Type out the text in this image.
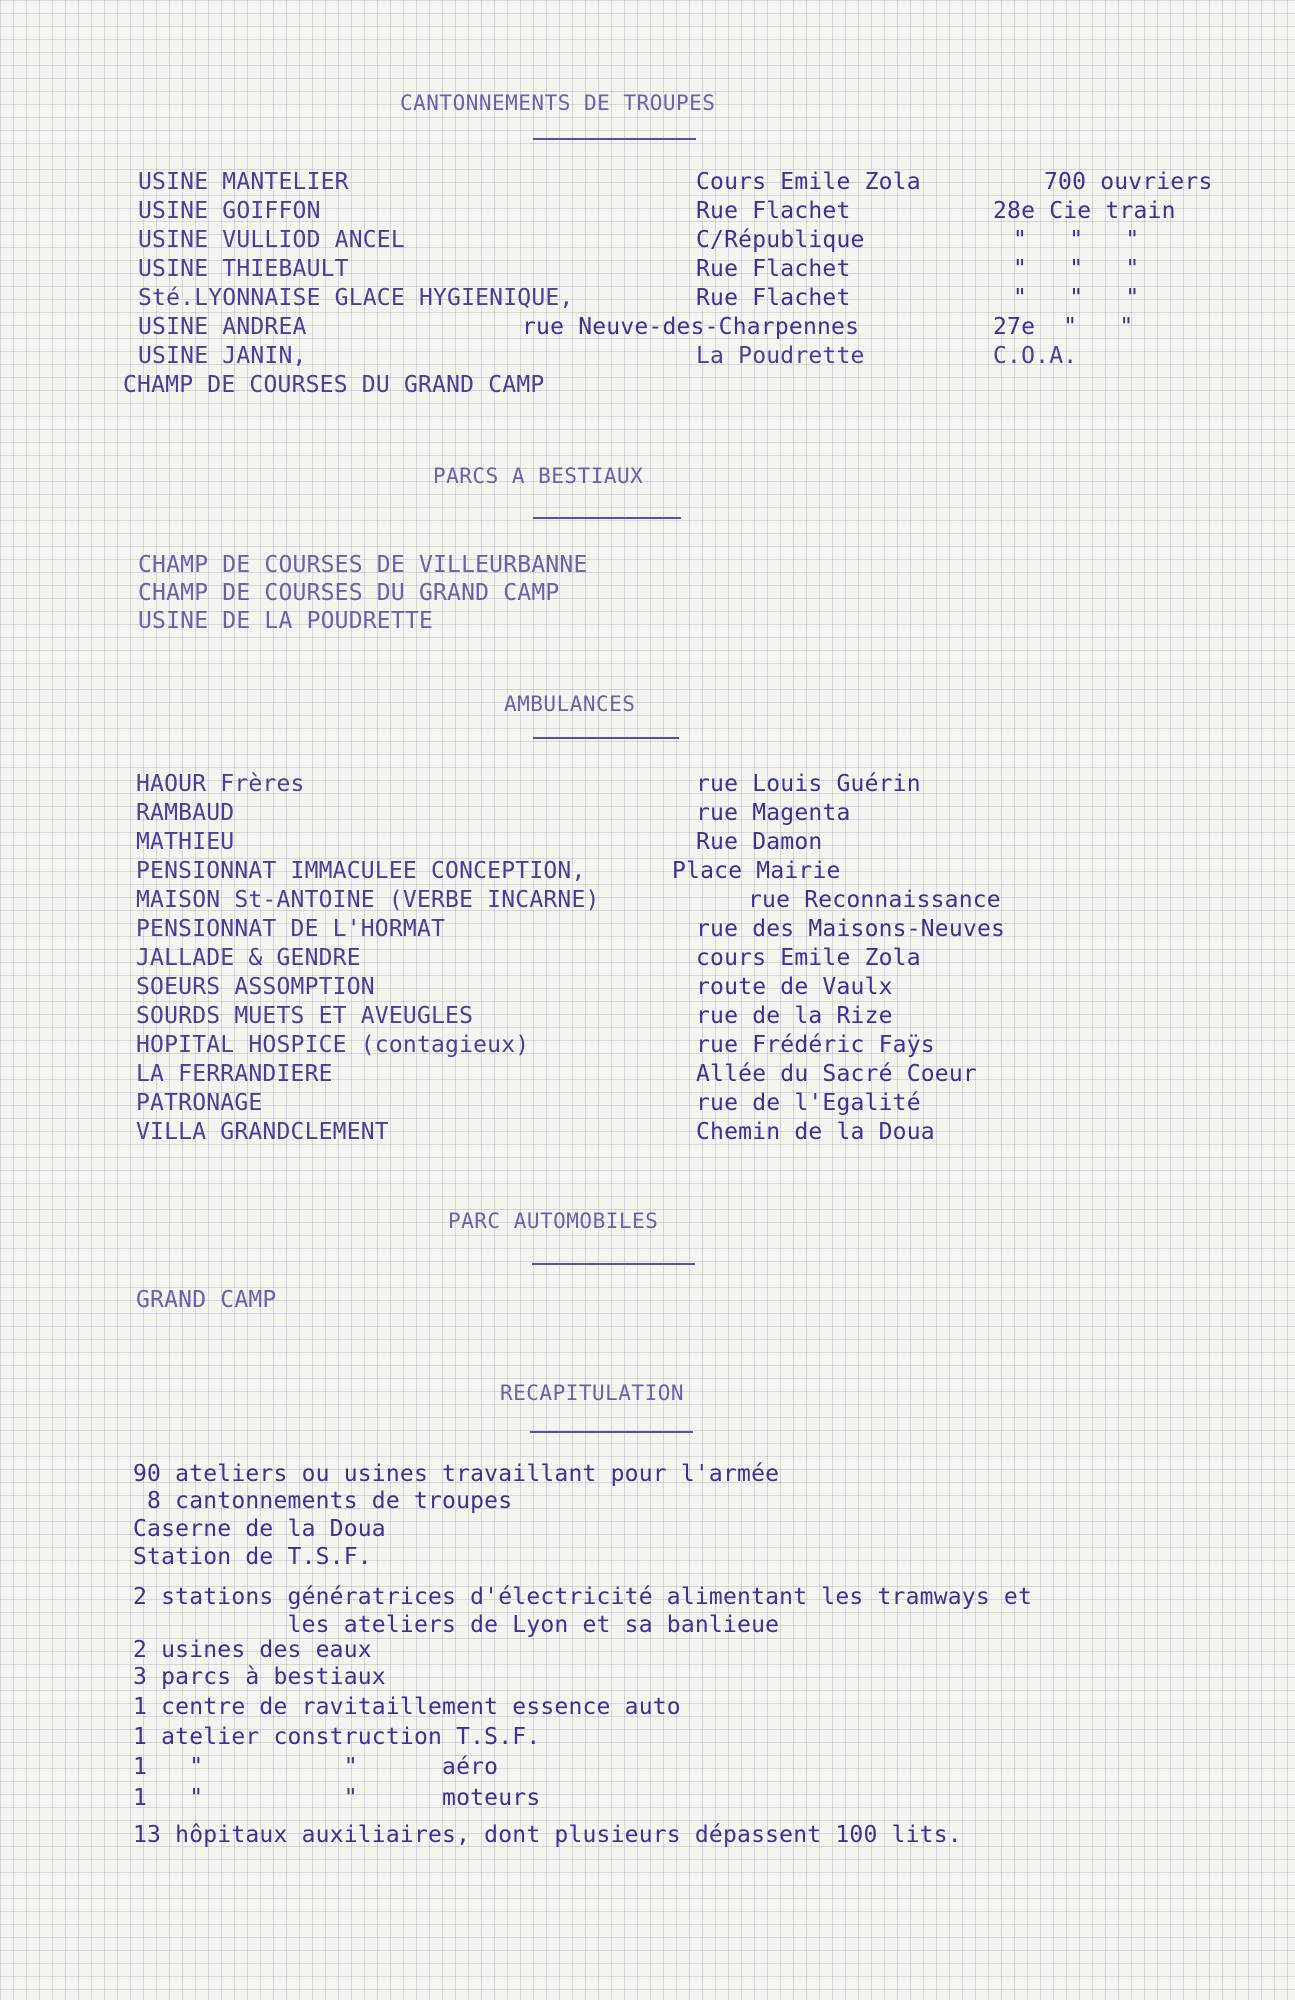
CANTONNEMENTS DE TROUPES
USINE MANTELIER	Cours Emile Zola	700 ouvriers
USINE GOIFFON	Rue Flachet	28e Cie train
USINE VULLIOD ANCEL	C/République	"   "   "
USINE THIEBAULT	Rue Flachet	"   "   "
Sté.LYONNAISE GLACE HYGIENIQUE,	Rue Flachet	"   "   "
USINE ANDREA	rue Neuve-des-Charpennes	27e  "   "
USINE JANIN,	La Poudrette	C.O.A.
CHAMP DE COURSES DU GRAND CAMP
PARCS A BESTIAUX
CHAMP DE COURSES DE VILLEURBANNE
CHAMP DE COURSES DU GRAND CAMP
USINE DE LA POUDRETTE
AMBULANCES
HAOUR Frères	rue Louis Guérin
RAMBAUD	rue Magenta
MATHIEU	Rue Damon
PENSIONNAT IMMACULEE CONCEPTION,	Place Mairie
MAISON St-ANTOINE (VERBE INCARNE)	rue Reconnaissance
PENSIONNAT DE L'HORMAT	rue des Maisons-Neuves
JALLADE & GENDRE	cours Emile Zola
SOEURS ASSOMPTION	route de Vaulx
SOURDS MUETS ET AVEUGLES	rue de la Rize
HOPITAL HOSPICE (contagieux)	rue Frédéric Faÿs
LA FERRANDIERE	Allée du Sacré Coeur
PATRONAGE	rue de l'Egalité
VILLA GRANDCLEMENT	Chemin de la Doua
PARC AUTOMOBILES
GRAND CAMP
RECAPITULATION
90 ateliers ou usines travaillant pour l'armée
8 cantonnements de troupes
Caserne de la Doua
Station de T.S.F.
2 stations génératrices d'électricité alimentant les tramways et
les ateliers de Lyon et sa banlieue
2 usines des eaux
3 parcs à bestiaux
1 centre de ravitaillement essence auto
1 atelier construction T.S.F.
1   "          "      aéro
1   "          "      moteurs
13 hôpitaux auxiliaires, dont plusieurs dépassent 100 lits.
